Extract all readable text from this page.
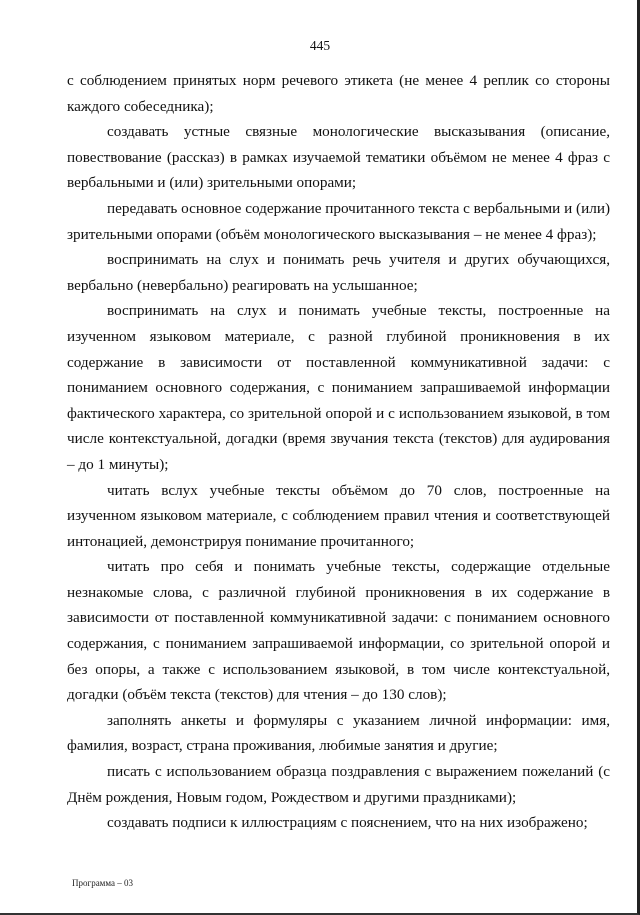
445

с соблюдением принятых норм речевого этикета (не менее 4 реплик со стороны каждого собеседника);

создавать устные связные монологические высказывания (описание, повествование (рассказ) в рамках изучаемой тематики объёмом не менее 4 фраз с вербальными и (или) зрительными опорами;

передавать основное содержание прочитанного текста с вербальными и (или) зрительными опорами (объём монологического высказывания – не менее 4 фраз);

воспринимать на слух и понимать речь учителя и других обучающихся, вербально (невербально) реагировать на услышанное;

воспринимать на слух и понимать учебные тексты, построенные на изученном языковом материале, с разной глубиной проникновения в их содержание в зависимости от поставленной коммуникативной задачи: с пониманием основного содержания, с пониманием запрашиваемой информации фактического характера, со зрительной опорой и с использованием языковой, в том числе контекстуальной, догадки (время звучания текста (текстов) для аудирования – до 1 минуты);

читать вслух учебные тексты объёмом до 70 слов, построенные на изученном языковом материале, с соблюдением правил чтения и соответствующей интонацией, демонстрируя понимание прочитанного;

читать про себя и понимать учебные тексты, содержащие отдельные незнакомые слова, с различной глубиной проникновения в их содержание в зависимости от поставленной коммуникативной задачи: с пониманием основного содержания, с пониманием запрашиваемой информации, со зрительной опорой и без опоры, а также с использованием языковой, в том числе контекстуальной, догадки (объём текста (текстов) для чтения – до 130 слов);

заполнять анкеты и формуляры с указанием личной информации: имя, фамилия, возраст, страна проживания, любимые занятия и другие;

писать с использованием образца поздравления с выражением пожеланий (с Днём рождения, Новым годом, Рождеством и другими праздниками);

создавать подписи к иллюстрациям с пояснением, что на них изображено;

Программа – 03
